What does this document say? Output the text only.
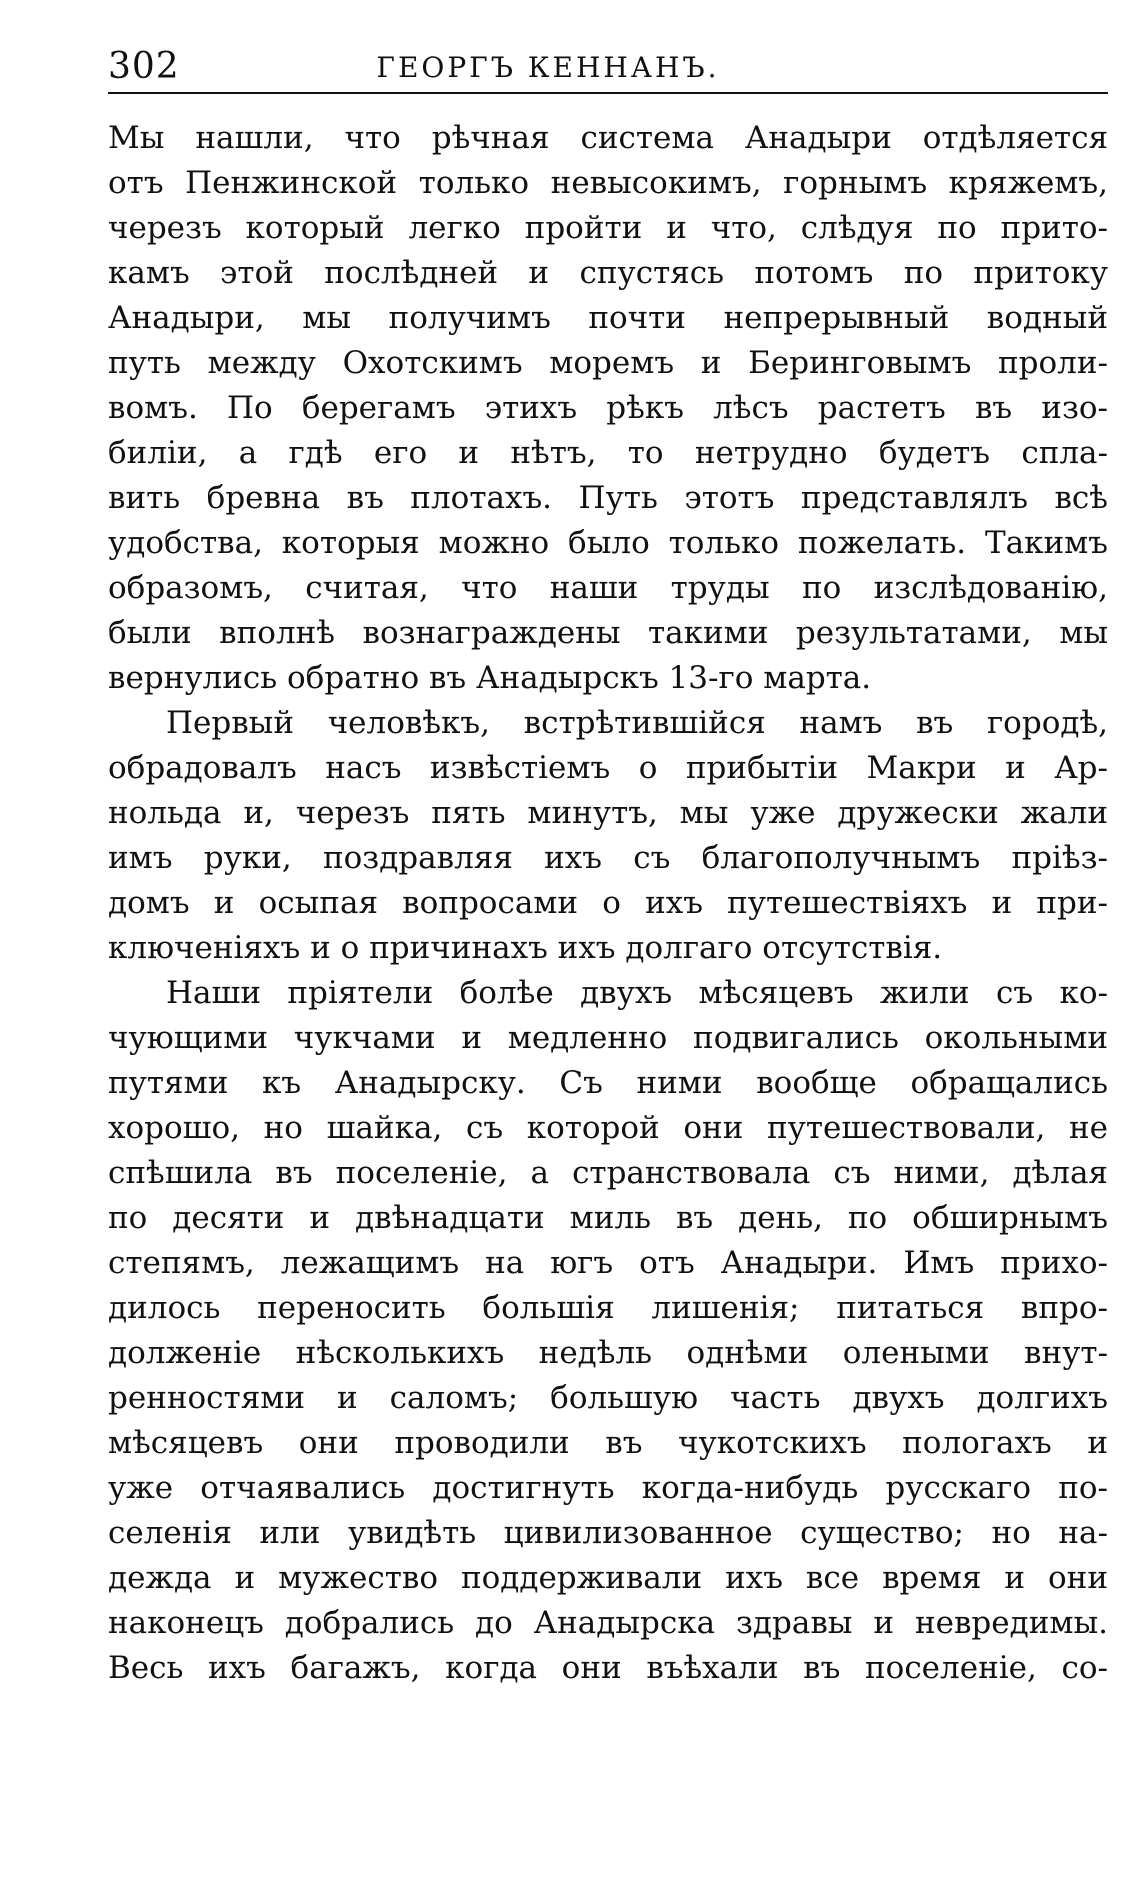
302	ГЕОРГЪ КЕННАНЪ.
Мы нашли, что рѣчная система Анадыри отдѣляется
отъ Пенжинской только невысокимъ, горнымъ кряжемъ,
черезъ который легко пройти и что, слѣдуя по прито-
камъ этой послѣдней и спустясь потомъ по притоку
Анадыри, мы получимъ почти непрерывный водный
путь между Охотскимъ моремъ и Беринговымъ проли-
вомъ. По берегамъ этихъ рѣкъ лѣсъ растетъ въ изо-
биліи, а гдѣ его и нѣтъ, то нетрудно будетъ спла-
вить бревна въ плотахъ. Путь этотъ представлялъ всѣ
удобства, которыя можно было только пожелать. Такимъ
образомъ, считая, что наши труды по изслѣдованію,
были вполнѣ вознаграждены такими результатами, мы
вернулись обратно въ Анадырскъ 13-го марта.
Первый человѣкъ, встрѣтившійся намъ въ городѣ,
обрадовалъ насъ извѣстіемъ о прибытіи Макри и Ар-
нольда и, черезъ пять минутъ, мы уже дружески жали
имъ руки, поздравляя ихъ съ благополучнымъ пріѣз-
домъ и осыпая вопросами о ихъ путешествіяхъ и при-
ключеніяхъ и о причинахъ ихъ долгаго отсутствія.
Наши пріятели болѣе двухъ мѣсяцевъ жили съ ко-
чующими чукчами и медленно подвигались окольными
путями къ Анадырску. Съ ними вообще обращались
хорошо, но шайка, съ которой они путешествовали, не
спѣшила въ поселеніе, а странствовала съ ними, дѣлая
по десяти и двѣнадцати миль въ день, по обширнымъ
степямъ, лежащимъ на югъ отъ Анадыри. Имъ прихо-
дилось переносить большія лишенія; питаться впро-
долженіе нѣсколькихъ недѣль однѣми олеными внут-
ренностями и саломъ; большую часть двухъ долгихъ
мѣсяцевъ они проводили въ чукотскихъ пологахъ и
уже отчаявались достигнуть когда-нибудь русскаго по-
селенія или увидѣть цивилизованное существо; но на-
дежда и мужество поддерживали ихъ все время и они
наконецъ добрались до Анадырска здравы и невредимы.
Весь ихъ багажъ, когда они въѣхали въ поселеніе, со-
